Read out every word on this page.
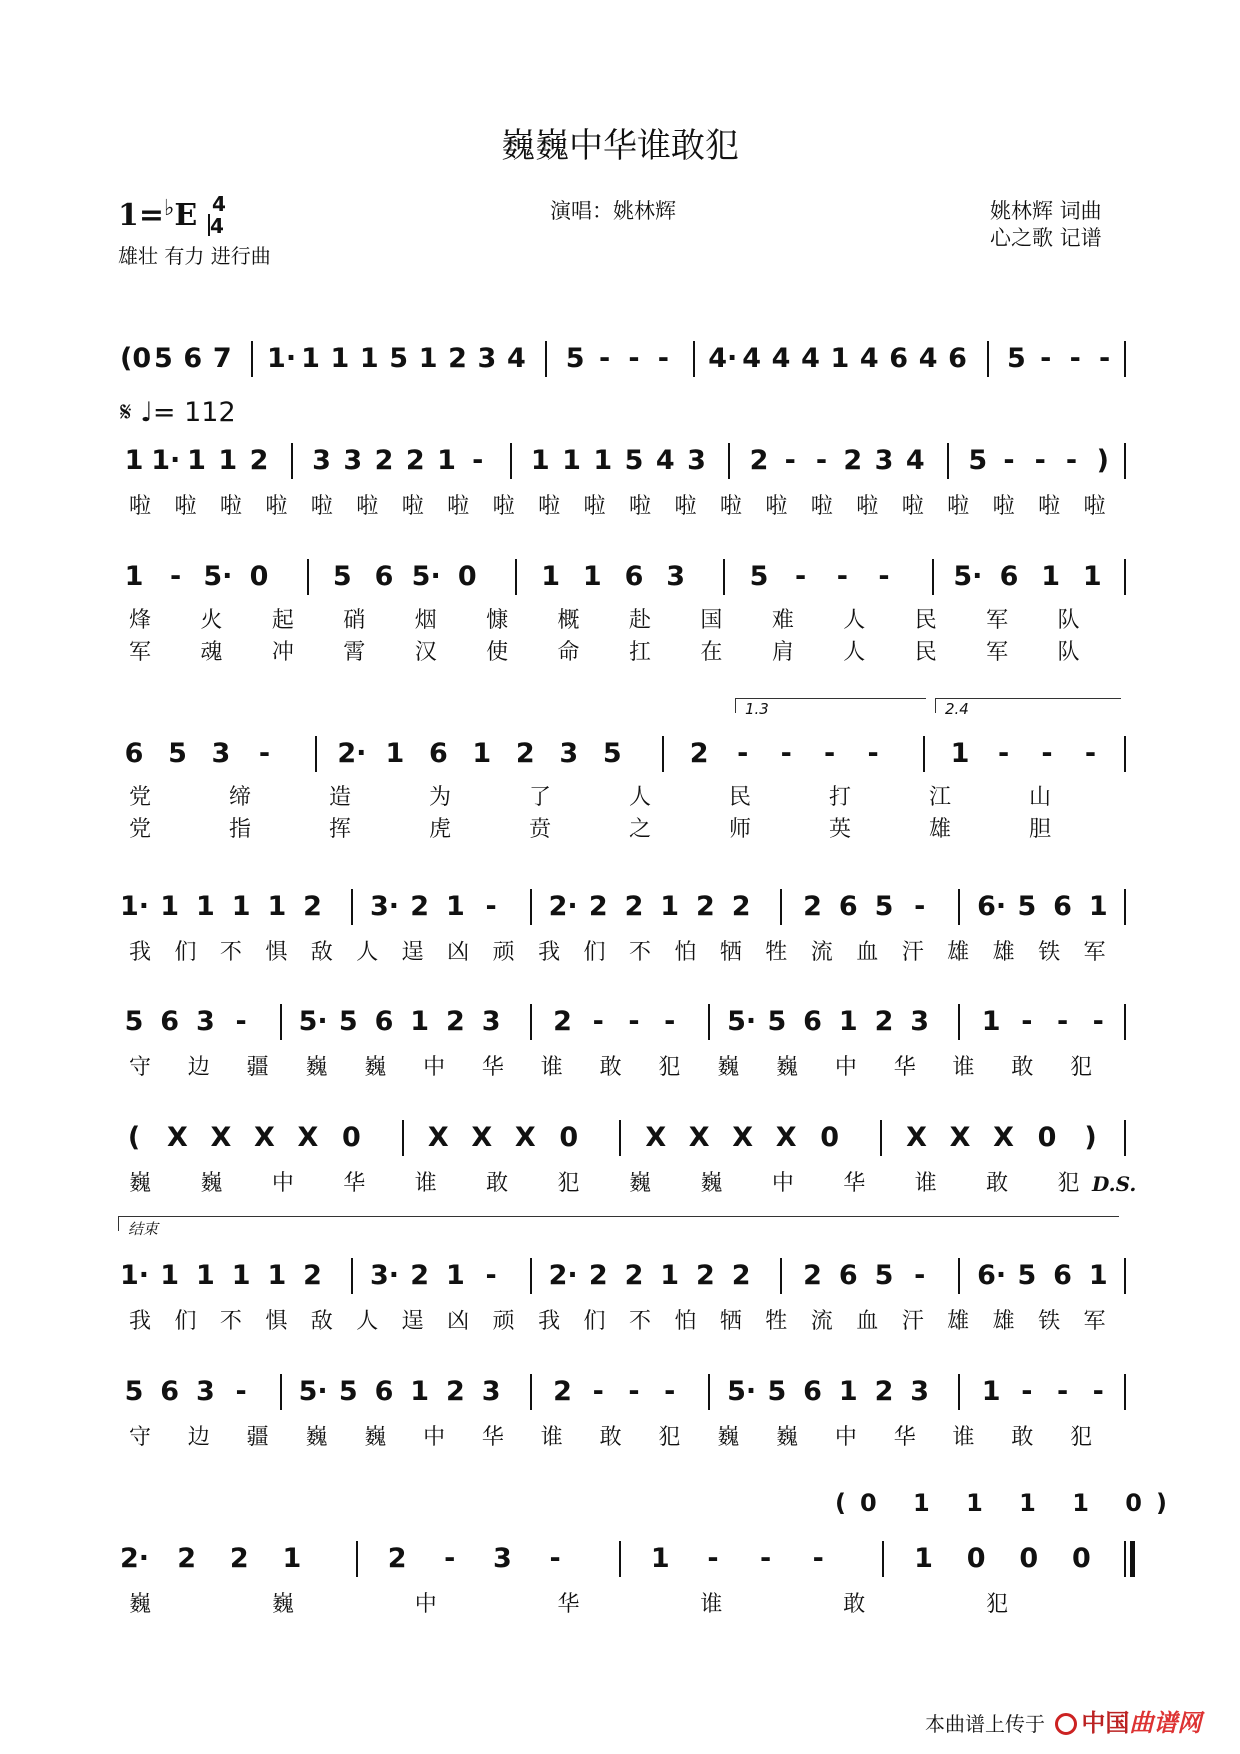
巍巍中华谁敢犯
1=♭E 4
4
雄壮 有力 进行曲
演唱：姚林辉	姚林辉 词曲
心之歌 记谱
(0 5 6 7 1· 1 1 1 5 1 2 3 4 5 - - -	4· 4 4 4 1 4 6 4 6 5 - - -
1 1· 1 1 2 3 3 2 2 1 -	1 1 1 5 4 3 2 - - 2 3 4 5 - - - )
啦	啦	啦	啦	啦	啦	啦	啦	啦	啦	啦	啦	啦	啦	啦	啦	啦	啦	啦	啦	啦	啦
1 - 5· 0 5 6 5· 0 1 1 6 3 5 -	-	-	5· 6 1 1
烽	火	起	硝	烟	慷	概	赴	国	难	人	民	军	队
军	魂	冲	霄	汉	使	命	扛	在	肩	人	民	军	队
6 5 3	-	2· 1 6 1 2 3 5	2	-	-	-	-	1	-	-	-
党	缔	造	为	了	人	民	打	江	山
党	指	挥	虎	贲	之	师	英	雄	胆
1.3	2.4
1· 1 1 1 1 2 3· 2 1 -	2· 2 2 1 2 2 2 6 5 -	6· 5 6 1
我	们	不	惧	敌	人	逞	凶	顽	我	们	不	怕	牺	牲	流	血	汗	雄	雄	铁	军
5 6 3 -	5· 5 6 1 2 3 2 - - -	5· 5 6 1 2 3 1 - - -
守	边	疆	巍	巍	中	华	谁	敢	犯	巍	巍	中	华	谁	敢	犯
( X X X X 0 X X X 0 X X X X 0 X X X 0 )
巍	巍	中	华	谁	敢	犯	巍	巍	中	华	谁	敢	犯 D.S.
1· 1 1 1 1 2 3· 2 1 -	2· 2 2 1 2 2 2 6 5 -	6· 5 6 1
我	们	不	惧	敌	人	逞	凶	顽	我	们	不	怕	牺	牲	流	血	汗	雄	雄	铁	军
结束
5 6 3 -	5· 5 6 1 2 3 2 - - -	5· 5 6 1 2 3 1 - - -
守	边	疆	巍	巍	中	华	谁	敢	犯	巍	巍	中	华	谁	敢	犯
2· 2 2 1	2	-	3	-	1	-	-	-	1 0 0 0
巍	巍	中	华	谁	敢	犯
(0 1 1 1 1 0)
𝄋 ♩= 112
本曲谱上传于 中国曲谱网
